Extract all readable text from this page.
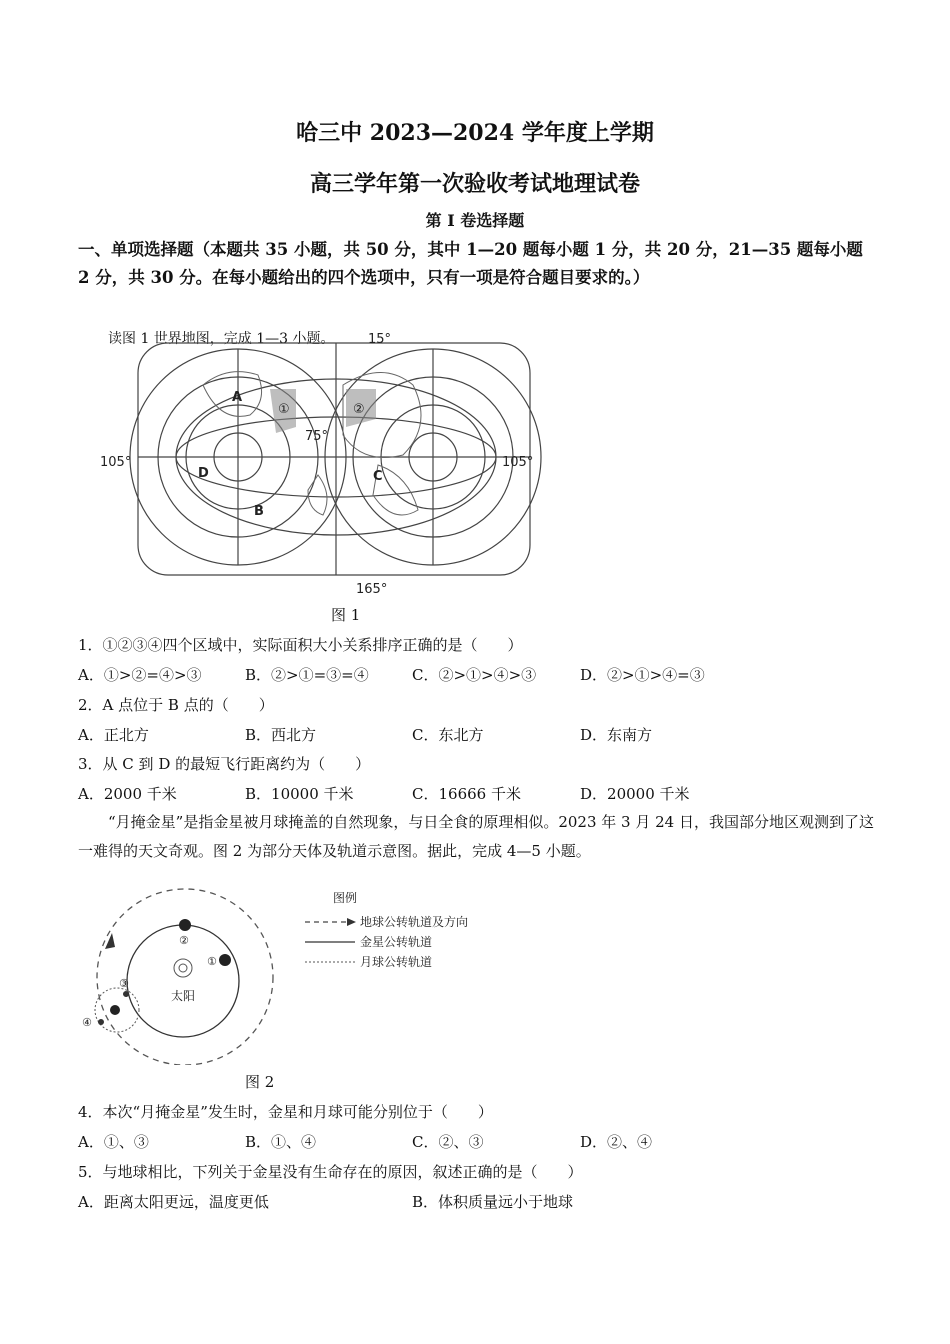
哈三中 2023—2024 学年度上学期
高三学年第一次验收考试地理试卷
第 I 卷选择题
一、单项选择题（本题共 35 小题，共 50 分，其中 1—20 题每小题 1 分，共 20 分，21—35 题每小题 2 分，共 30 分。在每小题给出的四个选项中，只有一项是符合题目要求的。）
读图 1 世界地图，完成 1—3 小题。	15°
165°
105°	105°
75°
A
B
C
D
①	②
图 1
1．①②③④四个区域中，实际面积大小关系排序正确的是（　　）
A．①>②=④>③	B．②>①=③=④	C．②>①>④>③	D．②>①>④=③
2．A 点位于 B 点的（　　）
A．正北方	B．西北方	C．东北方	D．东南方
3．从 C 到 D 的最短飞行距离约为（　　）
A．2000 千米	B．10000 千米	C．16666 千米	D．20000 千米
“月掩金星”是指金星被月球掩盖的自然现象，与日全食的原理相似。2023 年 3 月 24 日，我国部分地区观测到了这一难得的天文奇观。图 2 为部分天体及轨道示意图。据此，完成 4—5 小题。
太阳
②
①
③
④
图例
地球公转轨道及方向
金星公转轨道
月球公转轨道
图 2
4．本次“月掩金星”发生时，金星和月球可能分别位于（　　）
A．①、③	B．①、④	C．②、③	D．②、④
5．与地球相比，下列关于金星没有生命存在的原因，叙述正确的是（　　）
A．距离太阳更远，温度更低	B．体积质量远小于地球
